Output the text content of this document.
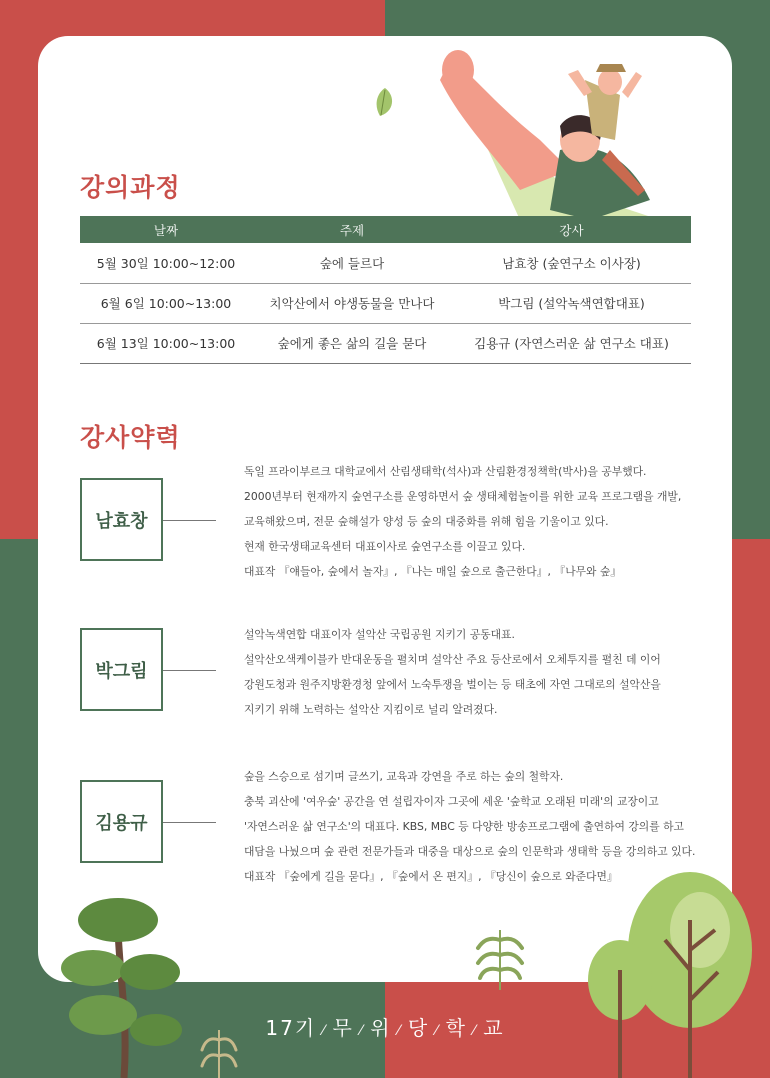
강의과정
날짜	주제	강사
5월 30일 10:00~12:00	숲에 들르다	남효창 (숲연구소 이사장)
6월 6일 10:00~13:00	치악산에서 야생동물을 만나다	박그림 (설악녹색연합대표)
6월 13일 10:00~13:00	숲에게 좋은 삶의 길을 묻다	김용규 (자연스러운 삶 연구소 대표)
강사약력
남효창

독일 프라이부르크 대학교에서 산림생태학(석사)과 산림환경정책학(박사)을 공부했다.

2000년부터 현재까지 숲연구소를 운영하면서 숲 생태체험놀이를 위한 교육 프로그램을 개발,

교육해왔으며, 전문 숲해설가 양성 등 숲의 대중화를 위해 힘을 기울이고 있다.

현재 한국생태교육센터 대표이사로 숲연구소를 이끌고 있다.

대표작 『얘들아, 숲에서 놀자』, 『나는 매일 숲으로 출근한다』, 『나무와 숲』

박그림

설악녹색연합 대표이자 설악산 국립공원 지키기 공동대표.

설악산오색케이블카 반대운동을 펼치며 설악산 주요 등산로에서 오체투지를 펼친 데 이어

강원도청과 원주지방환경청 앞에서 노숙투쟁을 벌이는 등 태초에 자연 그대로의 설악산을

지키기 위해 노력하는 설악산 지킴이로 널리 알려졌다.

김용규

숲을 스승으로 섬기며 글쓰기, 교육과 강연을 주로 하는 숲의 철학자.

충북 괴산에 '여우숲' 공간을 연 설립자이자 그곳에 세운 '숲학교 오래된 미래'의 교장이고

'자연스러운 삶 연구소'의 대표다. KBS, MBC 등 다양한 방송프로그램에 출연하여 강의를 하고

대담을 나눴으며 숲 관련 전문가들과 대중을 대상으로 숲의 인문학과 생태학 등을 강의하고 있다.

대표작 『숲에게 길을 묻다』, 『숲에서 온 편지』, 『당신이 숲으로 와준다면』

17기 ⁄ 무 ⁄ 위 ⁄ 당 ⁄ 학 ⁄ 교
